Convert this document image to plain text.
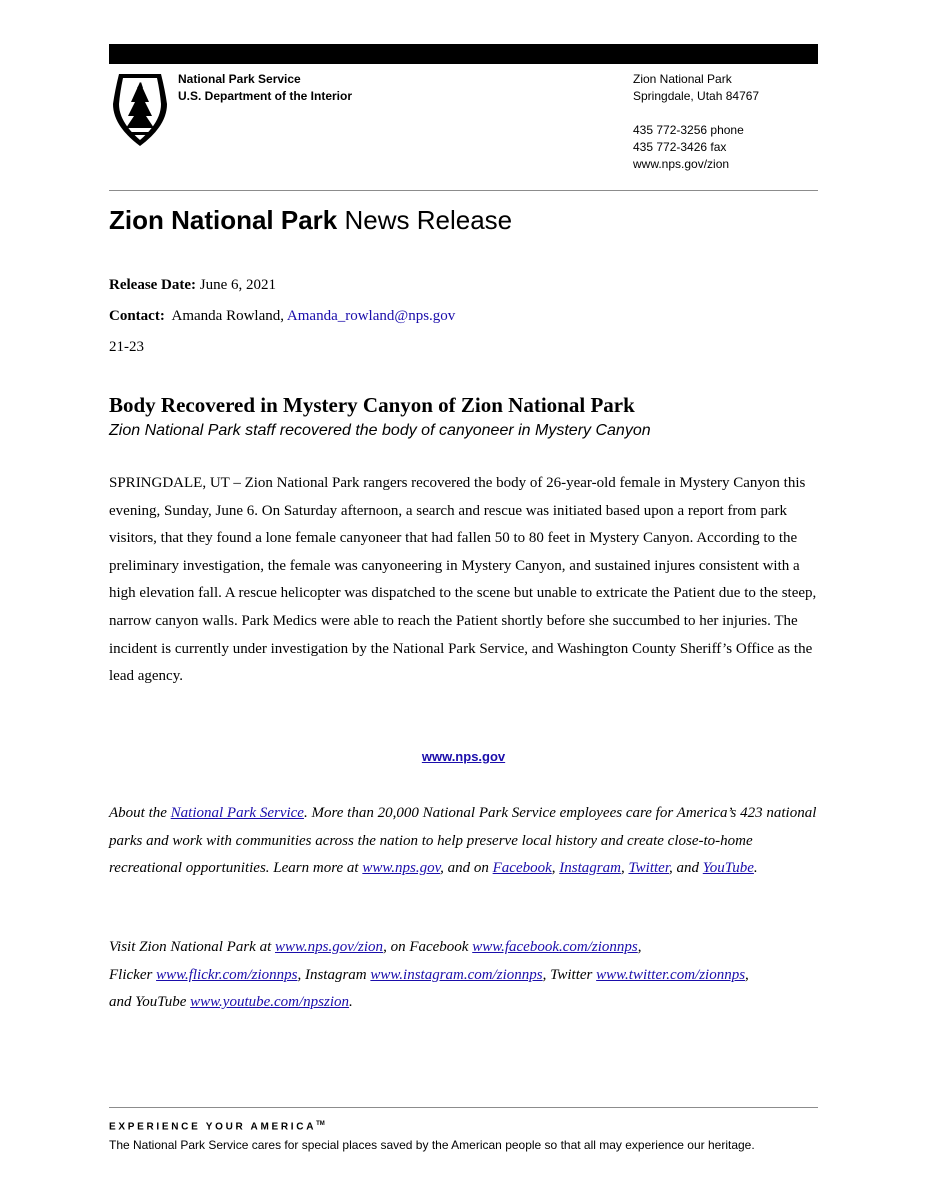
National Park Service
U.S. Department of the Interior
Zion National Park
Springdale, Utah 84767
435 772-3256 phone
435 772-3426 fax
www.nps.gov/zion
Zion National Park News Release
Release Date: June 6, 2021
Contact:  Amanda Rowland, Amanda_rowland@nps.gov
21-23
Body Recovered in Mystery Canyon of Zion National Park
Zion National Park staff recovered the body of canyoneer in Mystery Canyon
SPRINGDALE, UT – Zion National Park rangers recovered the body of 26-year-old female in Mystery Canyon this evening, Sunday, June 6. On Saturday afternoon, a search and rescue was initiated based upon a report from park visitors, that they found a lone female canyoneer that had fallen 50 to 80 feet in Mystery Canyon. According to the preliminary investigation, the female was canyoneering in Mystery Canyon, and sustained injures consistent with a high elevation fall. A rescue helicopter was dispatched to the scene but unable to extricate the Patient due to the steep, narrow canyon walls. Park Medics were able to reach the Patient shortly before she succumbed to her injuries. The incident is currently under investigation by the National Park Service, and Washington County Sheriff’s Office as the lead agency.
www.nps.gov
About the National Park Service. More than 20,000 National Park Service employees care for America’s 423 national parks and work with communities across the nation to help preserve local history and create close-to-home recreational opportunities. Learn more at www.nps.gov, and on Facebook, Instagram, Twitter, and YouTube.
Visit Zion National Park at www.nps.gov/zion, on Facebook www.facebook.com/zionnps,
Flicker www.flickr.com/zionnps, Instagram www.instagram.com/zionnps, Twitter www.twitter.com/zionnps,
and YouTube www.youtube.com/npszion.
EXPERIENCE YOUR AMERICA™
The National Park Service cares for special places saved by the American people so that all may experience our heritage.
